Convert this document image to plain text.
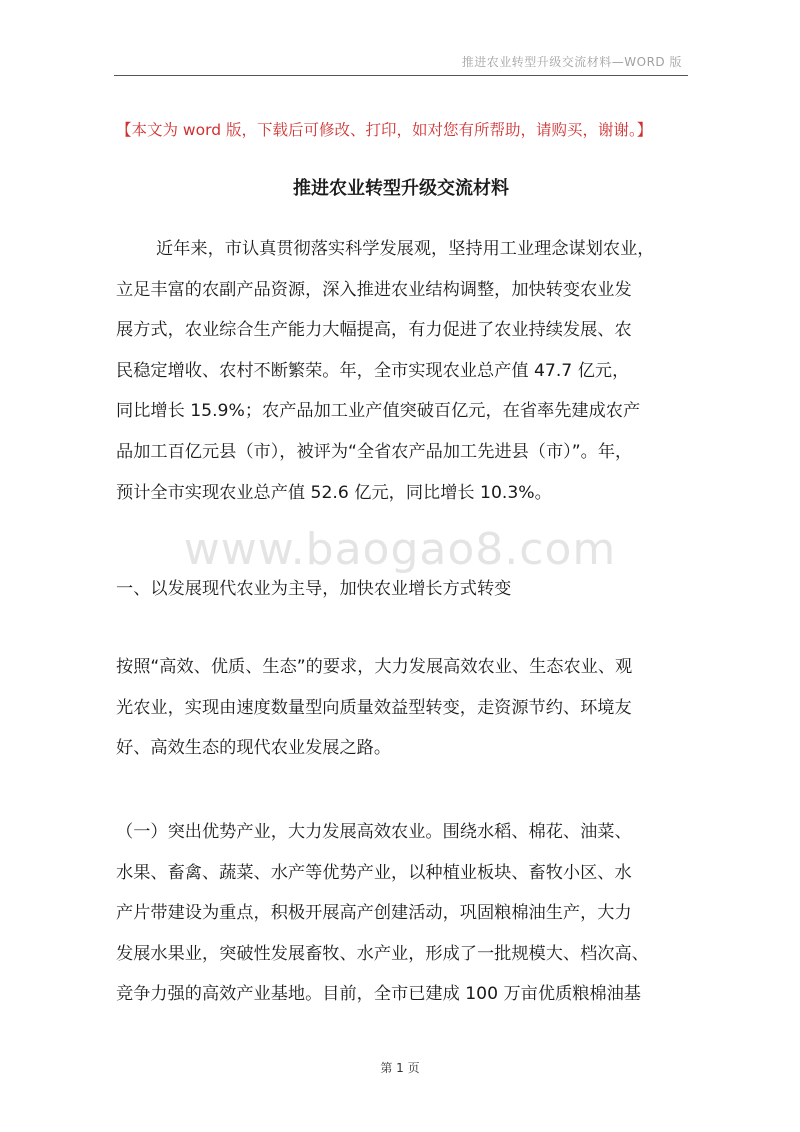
推进农业转型升级交流材料—WORD 版
【本文为 word 版，下载后可修改、打印，如对您有所帮助，请购买，谢谢。】
推进农业转型升级交流材料
近年来，市认真贯彻落实科学发展观，坚持用工业理念谋划农业，
立足丰富的农副产品资源，深入推进农业结构调整，加快转变农业发
展方式，农业综合生产能力大幅提高，有力促进了农业持续发展、农
民稳定增收、农村不断繁荣。年，全市实现农业总产值 47.7 亿元，
同比增长 15.9%；农产品加工业产值突破百亿元，在省率先建成农产
品加工百亿元县（市），被评为“全省农产品加工先进县（市）”。年，
预计全市实现农业总产值 52.6 亿元，同比增长 10.3%。
www.baogao8.com
一、以发展现代农业为主导，加快农业增长方式转变
按照“高效、优质、生态”的要求，大力发展高效农业、生态农业、观
光农业，实现由速度数量型向质量效益型转变，走资源节约、环境友
好、高效生态的现代农业发展之路。
（一）突出优势产业，大力发展高效农业。围绕水稻、棉花、油菜、
水果、畜禽、蔬菜、水产等优势产业，以种植业板块、畜牧小区、水
产片带建设为重点，积极开展高产创建活动，巩固粮棉油生产，大力
发展水果业，突破性发展畜牧、水产业，形成了一批规模大、档次高、
竞争力强的高效产业基地。目前，全市已建成 100 万亩优质粮棉油基
第 1 页
